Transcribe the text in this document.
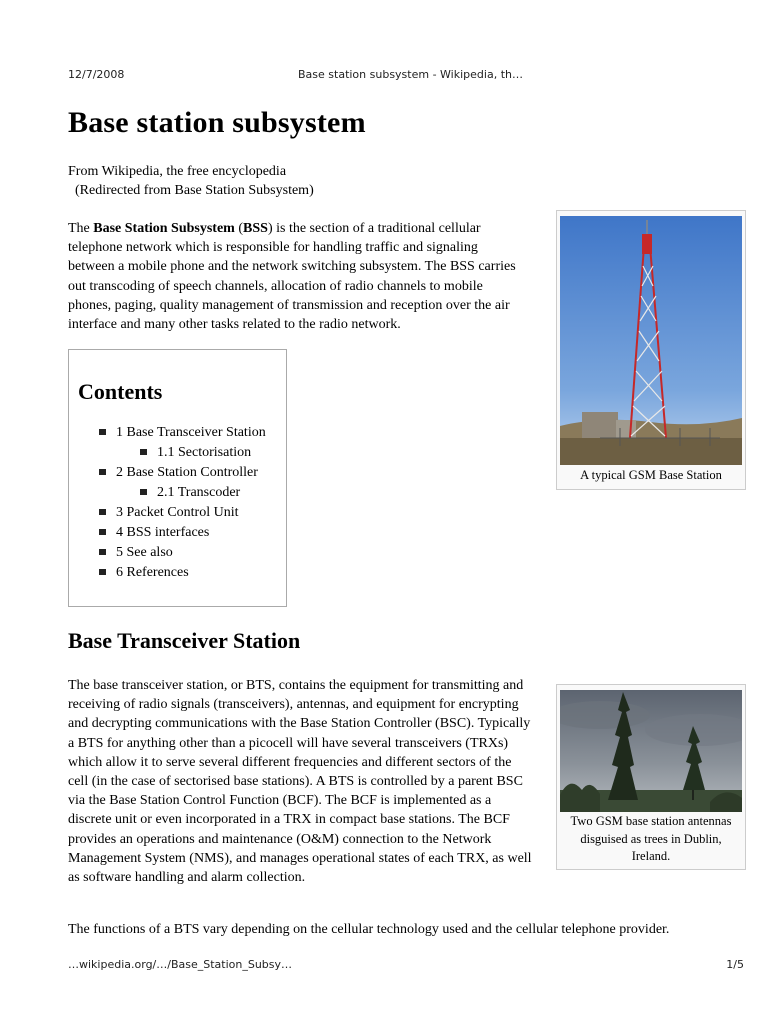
12/7/2008	Base station subsystem - Wikipedia, th…
Base station subsystem
From Wikipedia, the free encyclopedia
(Redirected from Base Station Subsystem)

The Base Station Subsystem (BSS) is the section of a traditional cellular telephone network which is responsible for handling traffic and signaling between a mobile phone and the network switching subsystem. The BSS carries out transcoding of speech channels, allocation of radio channels to mobile phones, paging, quality management of transmission and reception over the air interface and many other tasks related to the radio network.

A typical GSM Base Station
Contents
1 Base Transceiver Station
1.1 Sectorisation
2 Base Station Controller
2.1 Transcoder
3 Packet Control Unit
4 BSS interfaces
5 See also
6 References
Base Transceiver Station

The base transceiver station, or BTS, contains the equipment for transmitting and receiving of radio signals (transceivers), antennas, and equipment for encrypting and decrypting communications with the Base Station Controller (BSC). Typically a BTS for anything other than a picocell will have several transceivers (TRXs) which allow it to serve several different frequencies and different sectors of the cell (in the case of sectorised base stations). A BTS is controlled by a parent BSC via the Base Station Control Function (BCF). The BCF is implemented as a discrete unit or even incorporated in a TRX in compact base stations. The BCF provides an operations and maintenance (O&M) connection to the Network Management System (NMS), and manages operational states of each TRX, as well as software handling and alarm collection.

Two GSM base station antennas disguised as trees in Dublin, Ireland.

The functions of a BTS vary depending on the cellular technology used and the cellular telephone provider.

…wikipedia.org/…/Base_Station_Subsy…	1/5
